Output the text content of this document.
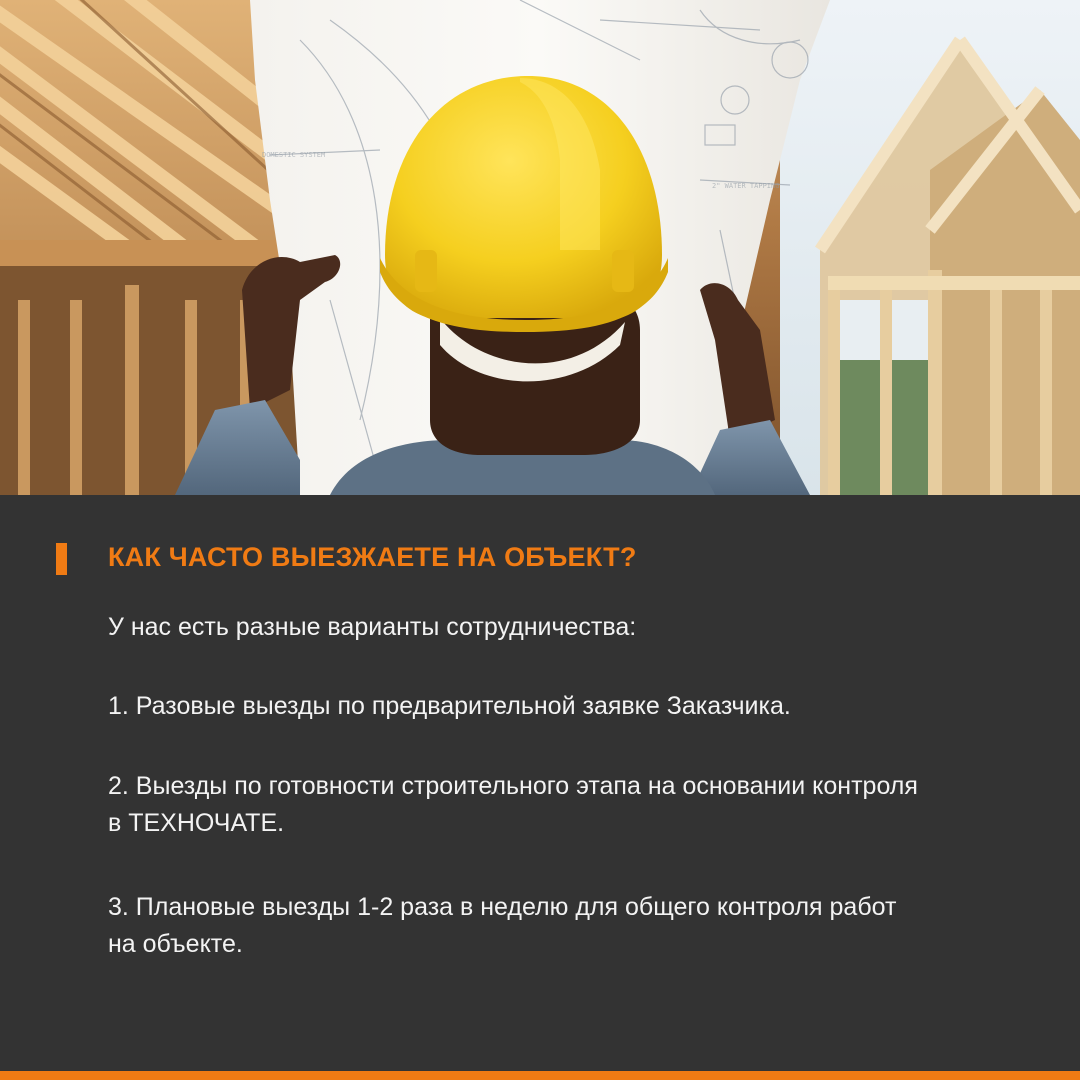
DOMESTIC SYSTEM
2" WATER TAPPING
КАК ЧАСТО ВЫЕЗЖАЕТЕ НА ОБЪЕКТ?
У нас есть разные варианты сотрудничества:
1. Разовые выезды по предварительной заявке Заказчика.
2. Выезды по готовности строительного этапа на основании контроля
в ТЕХНОЧАТЕ.
3. Плановые выезды 1-2 раза в неделю для общего контроля работ
на объекте.
